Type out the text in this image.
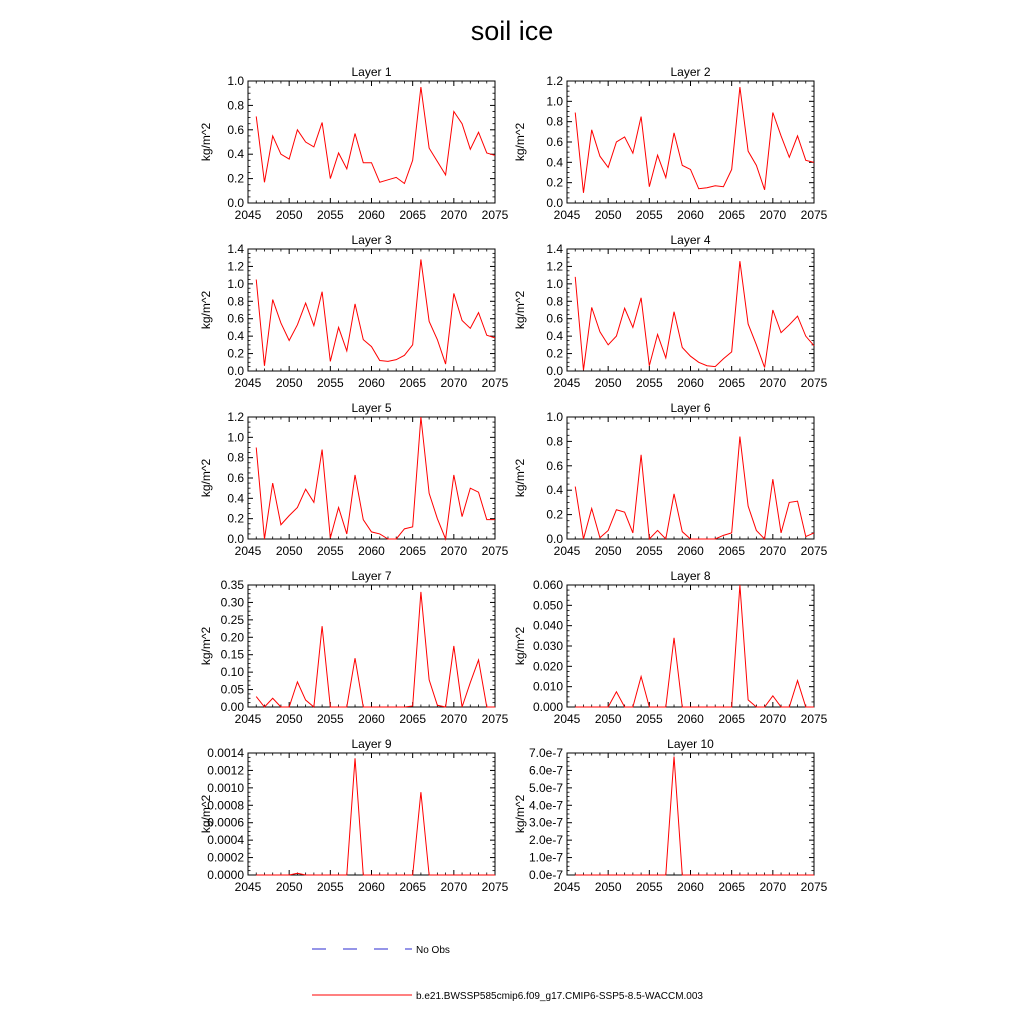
soil ice
Layer 1
kg/m^2
2045 2050 2055 2060 2065 2070 2075
0.0
0.2
0.4
0.6
0.8
1.0
Layer 2
kg/m^2
2045 2050 2055 2060 2065 2070 2075
0.0
0.2
0.4
0.6
0.8
1.0
1.2
Layer 3
kg/m^2
2045 2050 2055 2060 2065 2070 2075
0.0
0.2
0.4
0.6
0.8
1.0
1.2
1.4
Layer 4
kg/m^2
2045 2050 2055 2060 2065 2070 2075
0.0
0.2
0.4
0.6
0.8
1.0
1.2
1.4
Layer 5
kg/m^2
2045 2050 2055 2060 2065 2070 2075
0.0
0.2
0.4
0.6
0.8
1.0
1.2
Layer 6
kg/m^2
2045 2050 2055 2060 2065 2070 2075
0.0
0.2
0.4
0.6
0.8
1.0
Layer 7
kg/m^2
2045 2050 2055 2060 2065 2070 2075
0.00
0.05
0.10
0.15
0.20
0.25
0.30
0.35
Layer 8
kg/m^2
2045 2050 2055 2060 2065 2070 2075
0.000
0.010
0.020
0.030
0.040
0.050
0.060
Layer 9
kg/m^2
2045 2050 2055 2060 2065 2070 2075
0.0000
0.0002
0.0004
0.0006
0.0008
0.0010
0.0012
0.0014
Layer 10
kg/m^2
2045 2050 2055 2060 2065 2070 2075
0.0e-7
1.0e-7
2.0e-7
3.0e-7
4.0e-7
5.0e-7
6.0e-7
7.0e-7
No Obs
b.e21.BWSSP585cmip6.f09_g17.CMIP6-SSP5-8.5-WACCM.003
